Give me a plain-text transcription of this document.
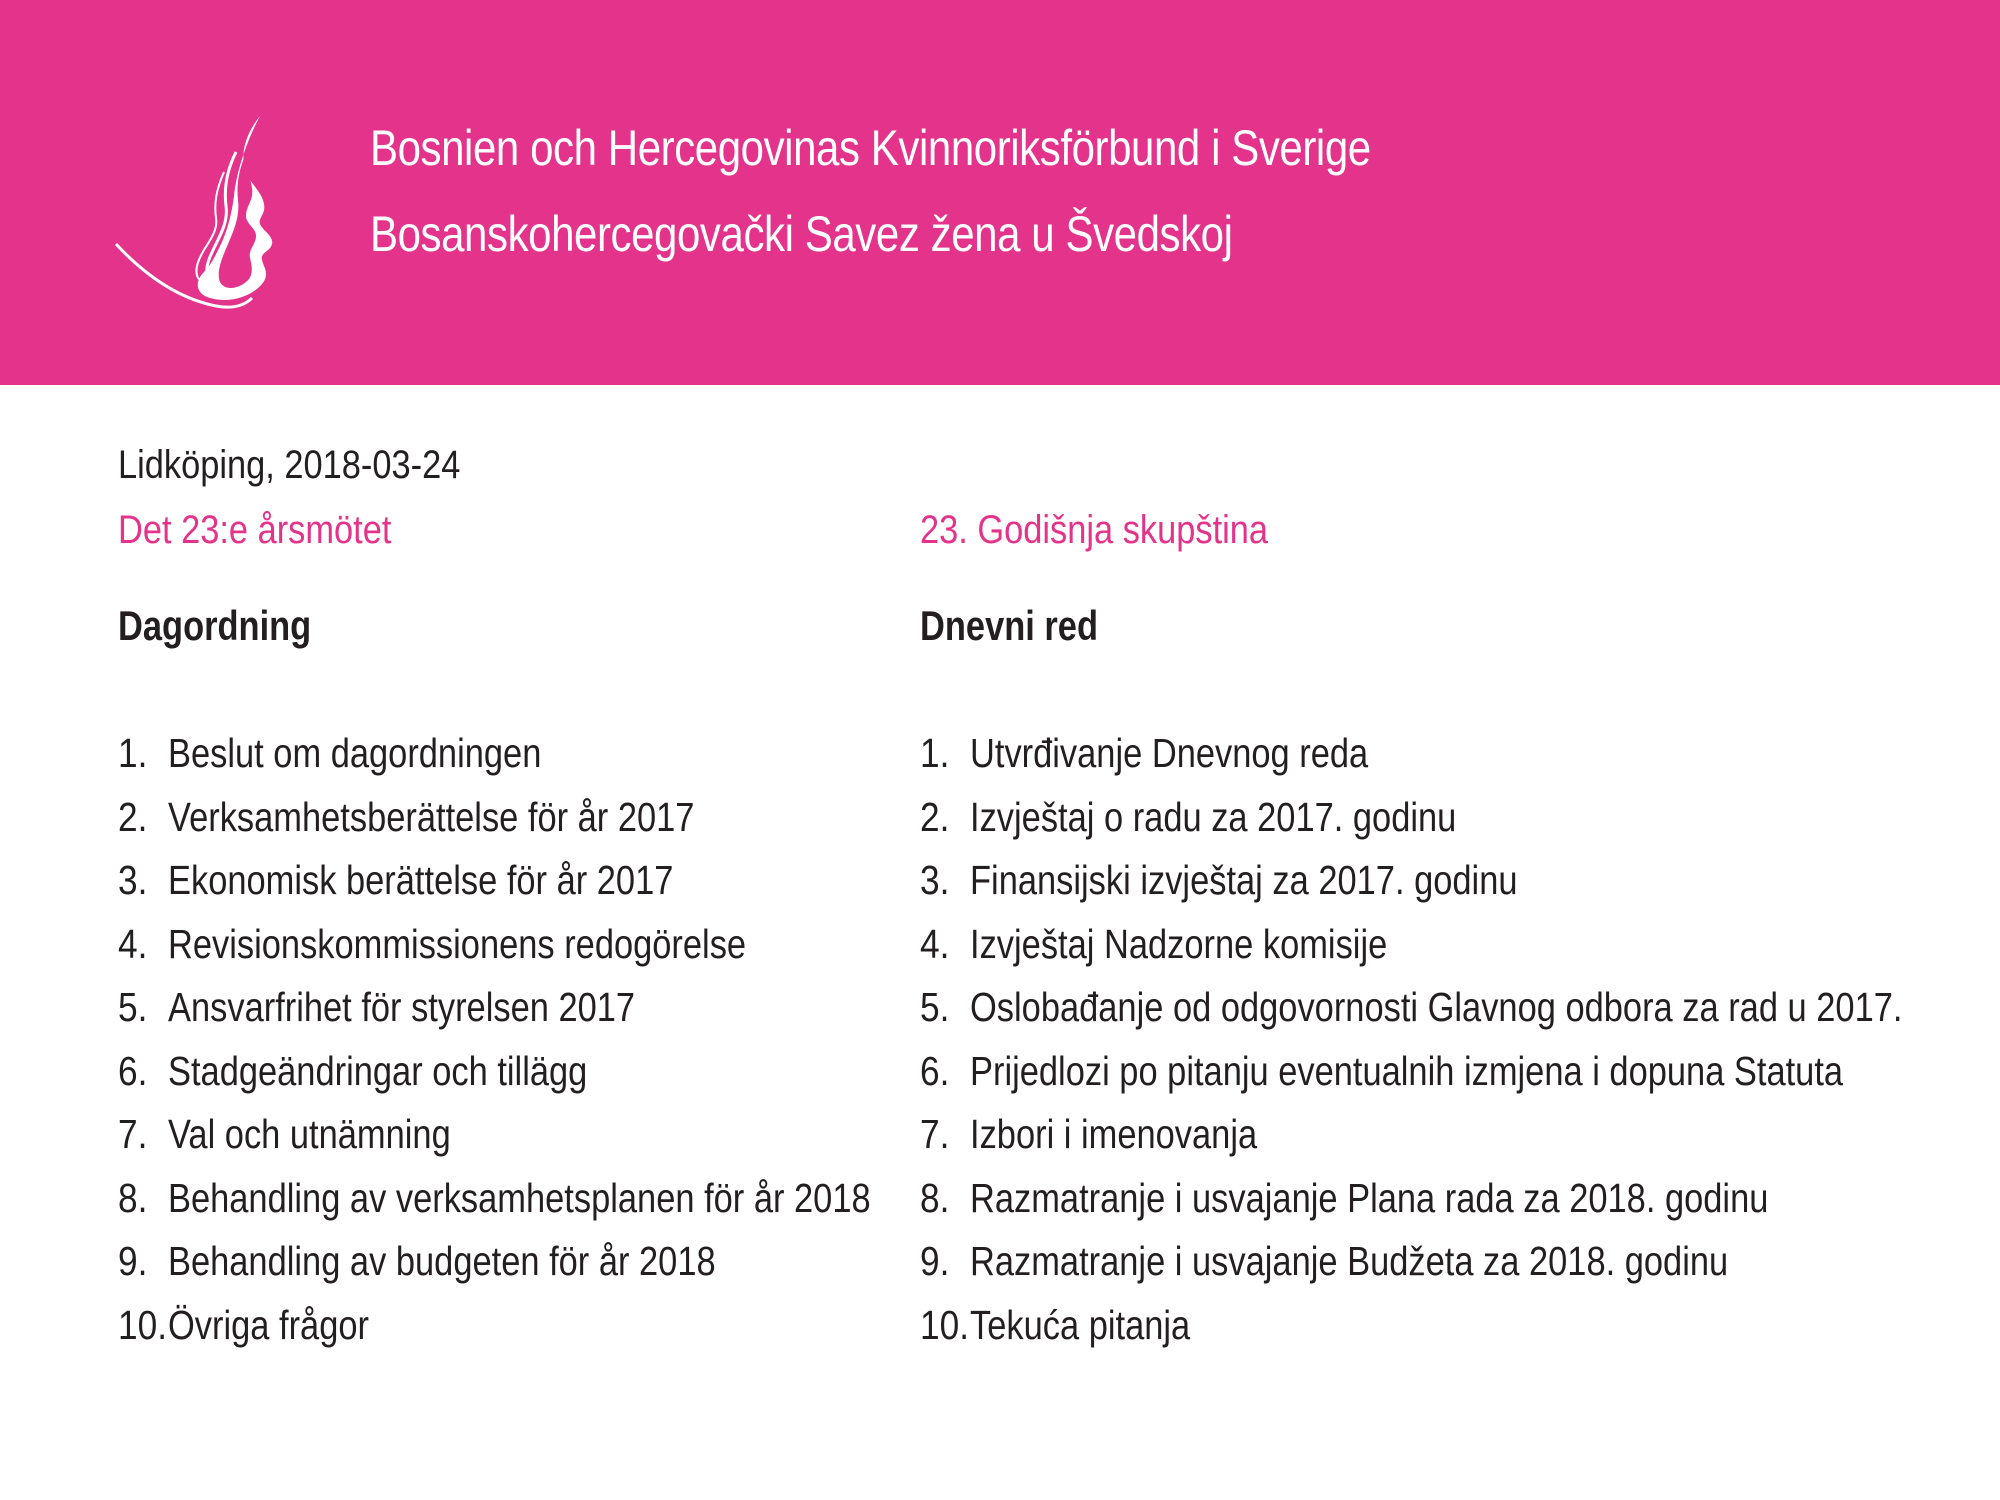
Bosnien och Hercegovinas Kvinnoriksförbund i Sverige
Bosanskohercegovački Savez žena u Švedskoj
Lidköping, 2018-03-24
Det 23:e årsmötet
Dagordning
1. Beslut om dagordningen
2. Verksamhetsberättelse för år 2017
3. Ekonomisk berättelse för år 2017
4. Revisionskommissionens redogörelse
5. Ansvarfrihet för styrelsen 2017
6. Stadgeändringar och tillägg
7. Val och utnämning
8. Behandling av verksamhetsplanen för år 2018
9. Behandling av budgeten för år 2018
10. Övriga frågor
23. Godišnja skupština
Dnevni red
1. Utvrđivanje Dnevnog reda
2. Izvještaj o radu za 2017. godinu
3. Finansijski izvještaj za 2017. godinu
4. Izvještaj Nadzorne komisije
5. Oslobađanje od odgovornosti Glavnog odbora za rad u 2017.
6. Prijedlozi po pitanju eventualnih izmjena i dopuna Statuta
7. Izbori i imenovanja
8. Razmatranje i usvajanje Plana rada za 2018. godinu
9. Razmatranje i usvajanje Budžeta za 2018. godinu
10. Tekuća pitanja
